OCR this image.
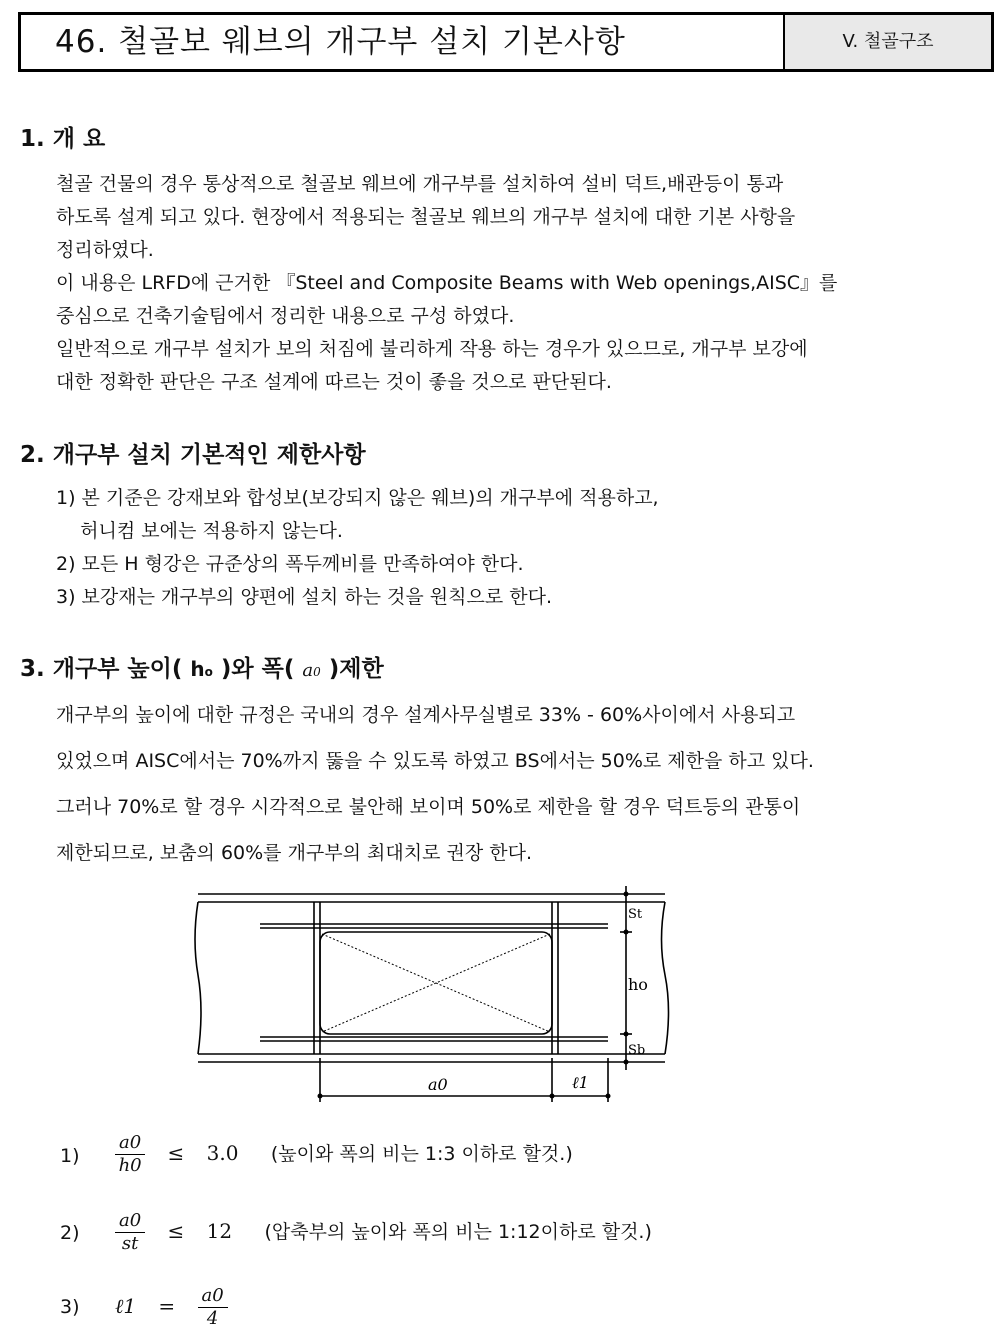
46. 철골보 웨브의 개구부 설치 기본사항	V. 철골구조
1. 개 요
철골 건물의 경우 통상적으로 철골보 웨브에 개구부를 설치하여 설비 덕트,배관등이 통과
하도록 설계 되고 있다. 현장에서 적용되는 철골보 웨브의 개구부 설치에 대한 기본 사항을
정리하였다.
이 내용은 LRFD에 근거한 『Steel and Composite Beams with Web openings,AISC』를
중심으로 건축기술팀에서 정리한 내용으로 구성 하였다.
일반적으로 개구부 설치가 보의 처짐에 불리하게 작용 하는 경우가 있으므로, 개구부 보강에
대한 정확한 판단은 구조 설계에 따르는 것이 좋을 것으로 판단된다.
2. 개구부 설치 기본적인 제한사항
1) 본 기준은 강재보와 합성보(보강되지 않은 웨브)의 개구부에 적용하고,
허니컴 보에는 적용하지 않는다.
2) 모든 H 형강은 규준상의 폭두께비를 만족하여야 한다.
3) 보강재는 개구부의 양편에 설치 하는 것을 원칙으로 한다.
3. 개구부 높이( ho )와 폭( a0 )제한
개구부의 높이에 대한 규정은 국내의 경우 설계사무실별로 33% - 60%사이에서 사용되고
있었으며 AISC에서는 70%까지 뚫을 수 있도록 하였고 BS에서는 50%로 제한을 하고 있다.
그러나 70%로 할 경우 시각적으로 불안해 보이며 50%로 제한을 할 경우 덕트등의 관통이
제한되므로, 보춤의 60%를 개구부의 최대치로 권장 한다.
St
ho
Sb
a0	ℓ1
$1) \frac{a0}{h0} \le 3.0$ (높이와 폭의 비는 1:3 이하로 할것.)
$2) \frac{a0}{st} \le 12$ (압축부의 높이와 폭의 비는 1:12이하로 할것.)
3) ℓ1 = $\frac{a0}{4}$
